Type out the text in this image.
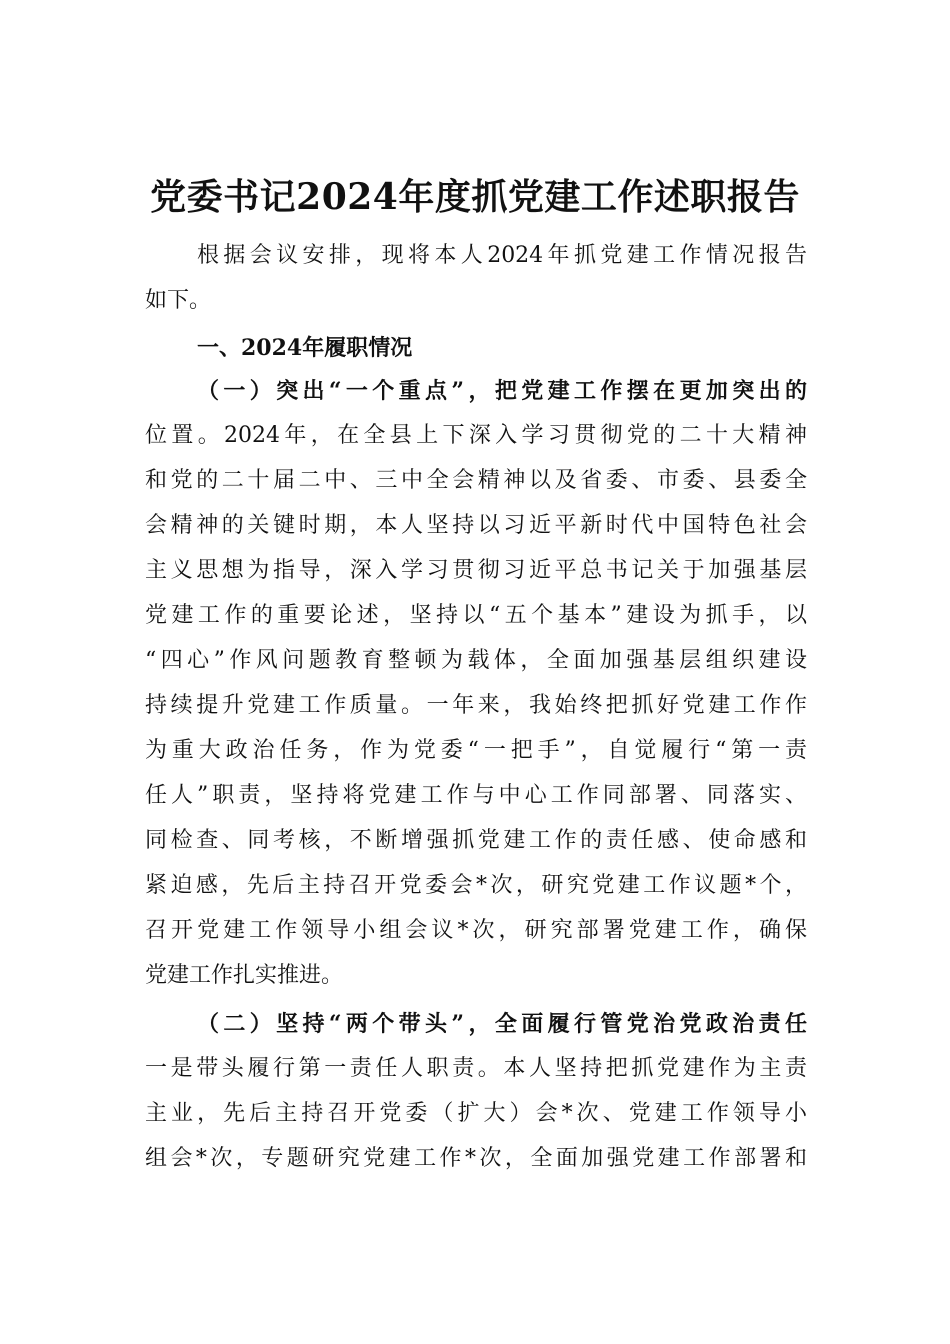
党委书记2024年度抓党建工作述职报告
根据会议安排，现将本人2024年抓党建工作情况报告
如下。
一、2024年履职情况
（一）突出“一个重点”，把党建工作摆在更加突出的
位置。2024年，在全县上下深入学习贯彻党的二十大精神
和党的二十届二中、三中全会精神以及省委、市委、县委全
会精神的关键时期，本人坚持以习近平新时代中国特色社会
主义思想为指导，深入学习贯彻习近平总书记关于加强基层
党建工作的重要论述，坚持以“五个基本”建设为抓手，以
“四心”作风问题教育整顿为载体，全面加强基层组织建设
持续提升党建工作质量。一年来，我始终把抓好党建工作作
为重大政治任务，作为党委“一把手”，自觉履行“第一责
任人”职责，坚持将党建工作与中心工作同部署、同落实、
同检查、同考核，不断增强抓党建工作的责任感、使命感和
紧迫感，先后主持召开党委会*次，研究党建工作议题*个，
召开党建工作领导小组会议*次，研究部署党建工作，确保
党建工作扎实推进。
（二）坚持“两个带头”，全面履行管党治党政治责任
一是带头履行第一责任人职责。本人坚持把抓党建作为主责
主业，先后主持召开党委（扩大）会*次、党建工作领导小
组会*次，专题研究党建工作*次，全面加强党建工作部署和
